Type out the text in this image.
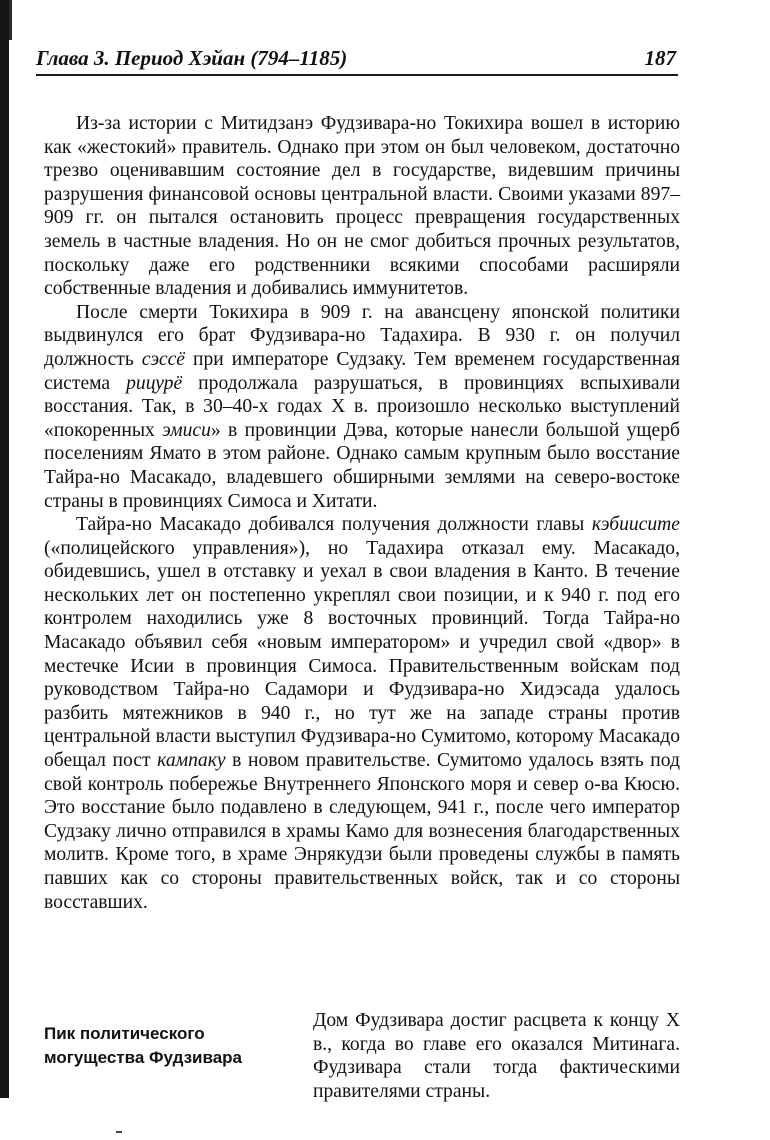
Глава 3. Период Хэйан (794–1185)	187

Из-за истории с Митидзанэ Фудзивара-но Токихира вошел в историю как «жестокий» правитель. Однако при этом он был человеком, достаточно трезво оценивавшим состояние дел в государстве, видевшим причины разрушения финансовой основы центральной власти. Своими указами 897–909 гг. он пытался остановить процесс превращения государственных земель в частные владения. Но он не смог добиться прочных результатов, поскольку даже его родственники всякими способами расширяли собственные владения и добивались иммунитетов.

После смерти Токихира в 909 г. на авансцену японской политики выдвинулся его брат Фудзивара-но Тадахира. В 930 г. он получил должность сэссё при императоре Судзаку. Тем временем государственная система рицурё продолжала разрушаться, в провинциях вспыхивали восстания. Так, в 30–40-х годах X в. произошло несколько выступлений «покоренных эмиси» в провинции Дэва, которые нанесли большой ущерб поселениям Ямато в этом районе. Однако самым крупным было восстание Тайра-но Масакадо, владевшего обширными землями на северо-востоке страны в провинциях Симоса и Хитати.

Тайра-но Масакадо добивался получения должности главы кэбиисите («полицейского управления»), но Тадахира отказал ему. Масакадо, обидевшись, ушел в отставку и уехал в свои владения в Канто. В течение нескольких лет он постепенно укреплял свои позиции, и к 940 г. под его контролем находились уже 8 восточных провинций. Тогда Тайра-но Масакадо объявил себя «новым императором» и учредил свой «двор» в местечке Исии в провинция Симоса. Правительственным войскам под руководством Тайра-но Садамори и Фудзивара-но Хидэсада удалось разбить мятежников в 940 г., но тут же на западе страны против центральной власти выступил Фудзивара-но Сумитомо, которому Масакадо обещал пост кампаку в новом правительстве. Сумитомо удалось взять под свой контроль побережье Внутреннего Японского моря и север о-ва Кюсю. Это восстание было подавлено в следующем, 941 г., после чего император Судзаку лично отправился в храмы Камо для вознесения благодарственных молитв. Кроме того, в храме Энрякудзи были проведены службы в память павших как со стороны правительственных войск, так и со стороны восставших.

Пик политического
могущества Фудзивара
Дом Фудзивара достиг расцвета к концу X в., когда во главе его оказался Митинага. Фудзивара стали тогда фактическими правителями страны.
